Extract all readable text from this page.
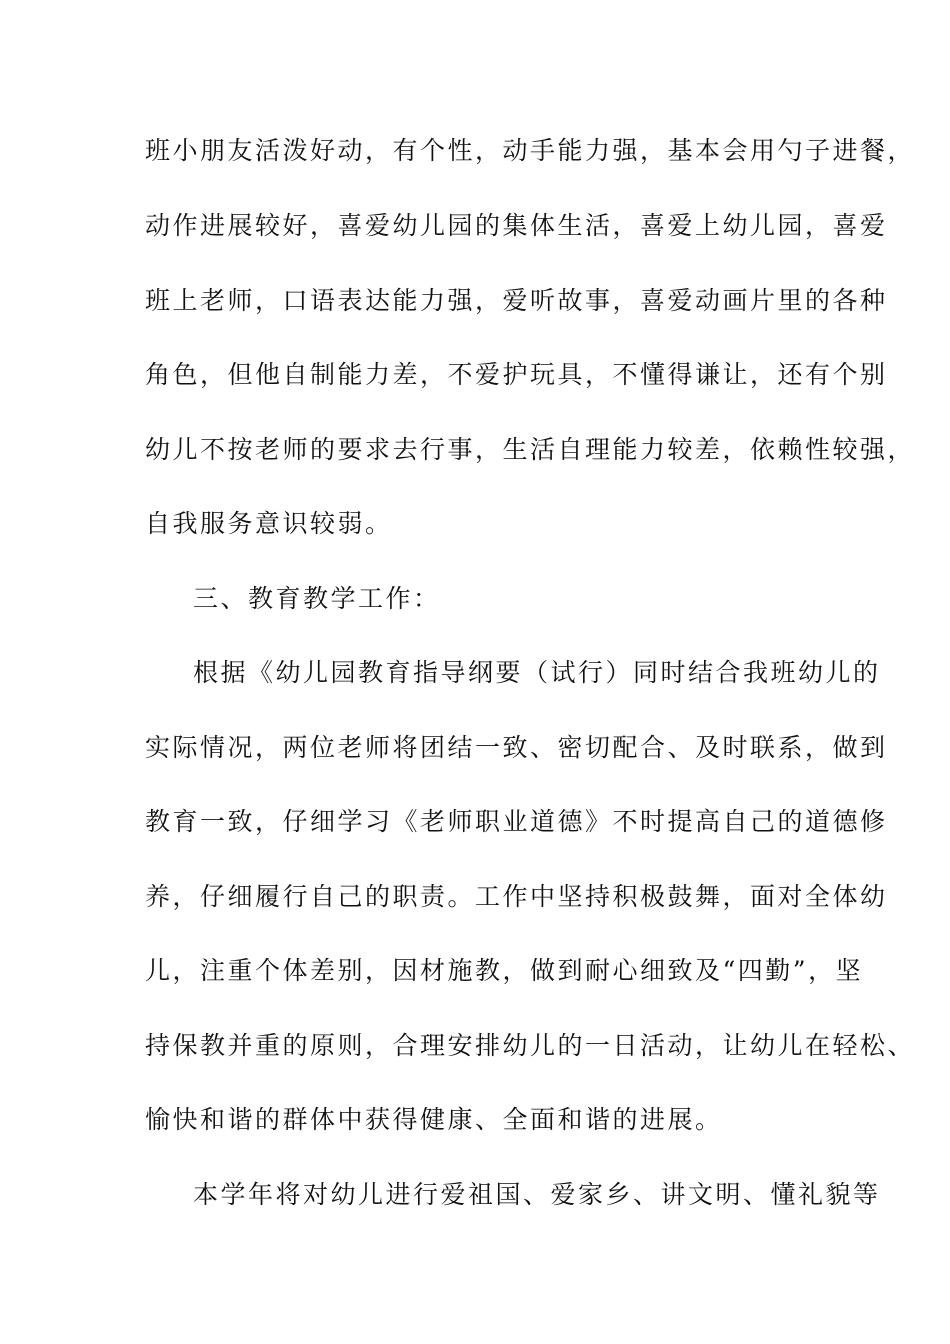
班小朋友活泼好动，有个性，动手能力强，基本会用勺子进餐，
动作进展较好，喜爱幼儿园的集体生活，喜爱上幼儿园，喜爱
班上老师，口语表达能力强，爱听故事，喜爱动画片里的各种
角色，但他自制能力差，不爱护玩具，不懂得谦让，还有个别
幼儿不按老师的要求去行事，生活自理能力较差，依赖性较强，
自我服务意识较弱。
三、教育教学工作：
根据《幼儿园教育指导纲要（试行）同时结合我班幼儿的
实际情况，两位老师将团结一致、密切配合、及时联系，做到
教育一致，仔细学习《老师职业道德》不时提高自己的道德修
养，仔细履行自己的职责。工作中坚持积极鼓舞，面对全体幼
儿，注重个体差别，因材施教，做到耐心细致及“四勤”，坚
持保教并重的原则，合理安排幼儿的一日活动，让幼儿在轻松、
愉快和谐的群体中获得健康、全面和谐的进展。
本学年将对幼儿进行爱祖国、爱家乡、讲文明、懂礼貌等
